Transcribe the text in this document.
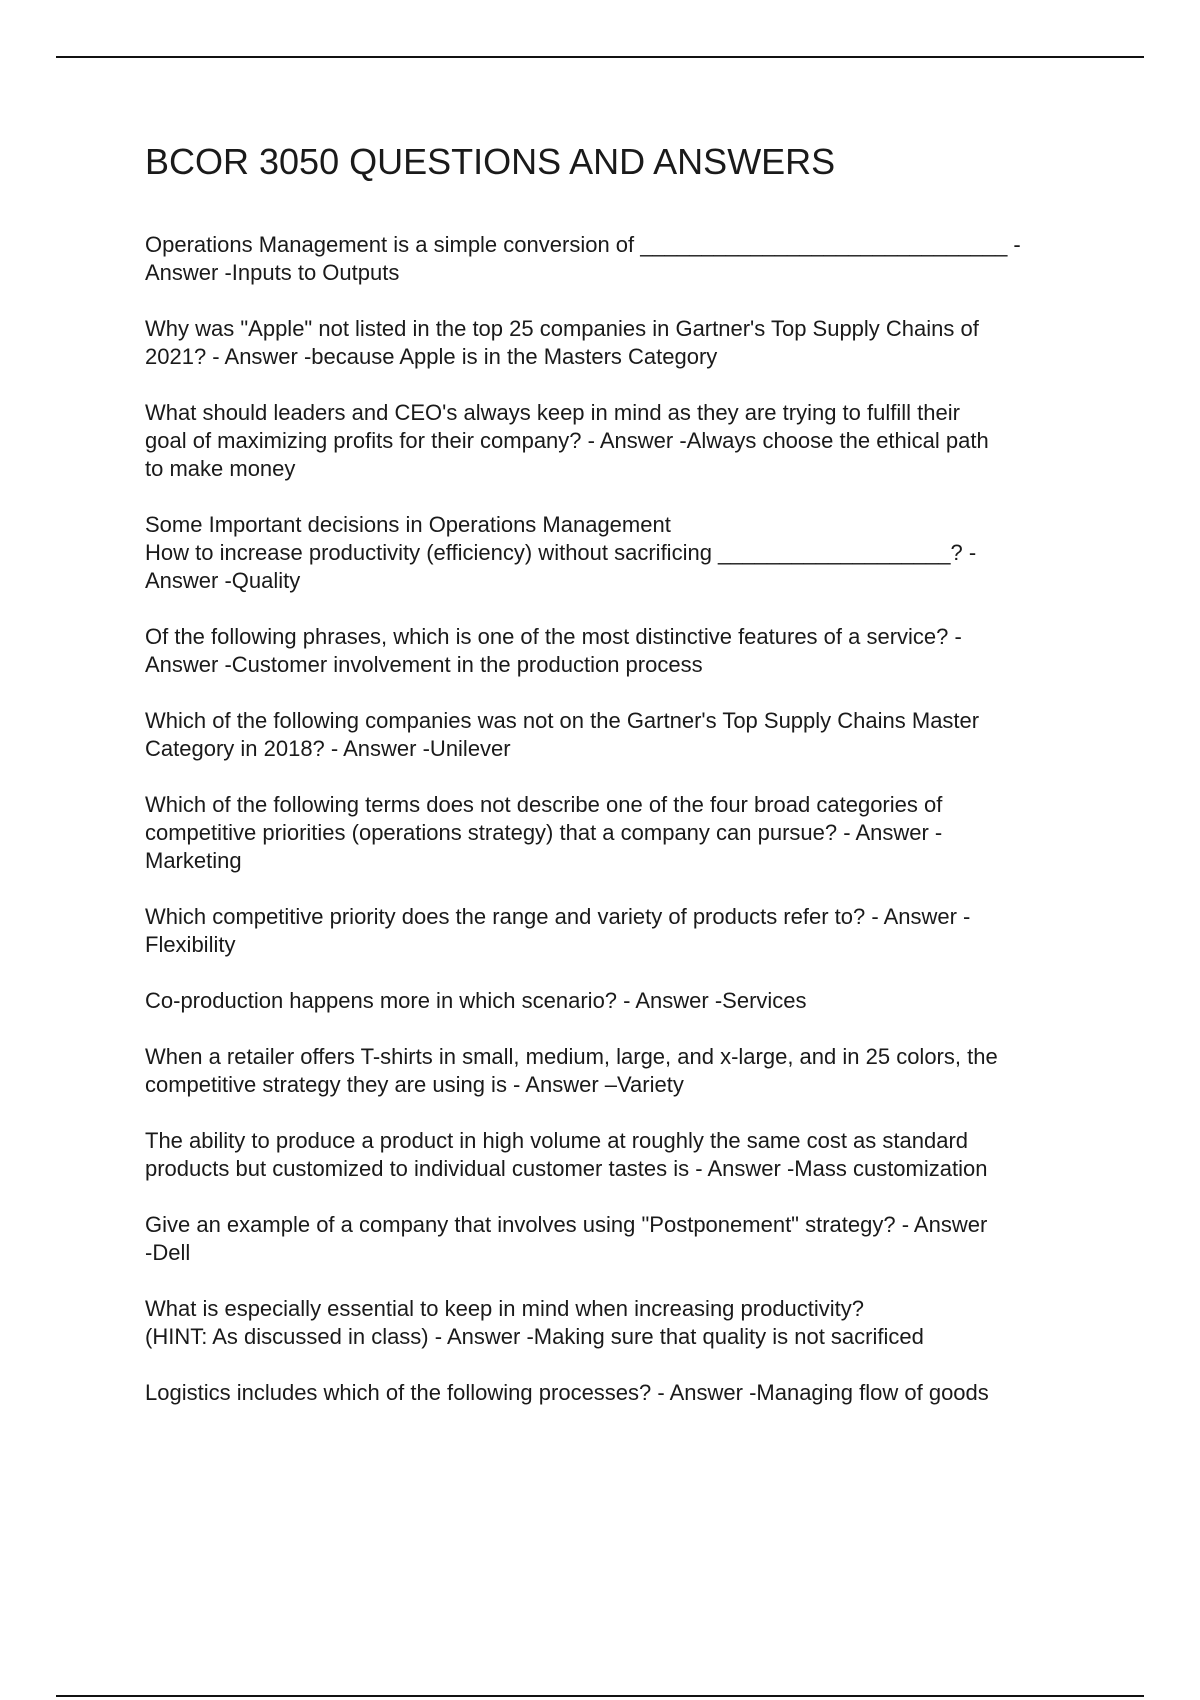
BCOR 3050 QUESTIONS AND ANSWERS
Operations Management is a simple conversion of ______________________________ -
Answer -Inputs to Outputs
Why was "Apple" not listed in the top 25 companies in Gartner's Top Supply Chains of
2021? - Answer -because Apple is in the Masters Category
What should leaders and CEO's always keep in mind as they are trying to fulfill their
goal of maximizing profits for their company? - Answer -Always choose the ethical path
to make money
Some Important decisions in Operations Management
How to increase productivity (efficiency) without sacrificing ___________________? -
Answer -Quality
Of the following phrases, which is one of the most distinctive features of a service? -
Answer -Customer involvement in the production process
Which of the following companies was not on the Gartner's Top Supply Chains Master
Category in 2018? - Answer -Unilever
Which of the following terms does not describe one of the four broad categories of
competitive priorities (operations strategy) that a company can pursue? - Answer -
Marketing
Which competitive priority does the range and variety of products refer to? - Answer -
Flexibility
Co-production happens more in which scenario? - Answer -Services
When a retailer offers T-shirts in small, medium, large, and x-large, and in 25 colors, the
competitive strategy they are using is - Answer –Variety
The ability to produce a product in high volume at roughly the same cost as standard
products but customized to individual customer tastes is - Answer -Mass customization
Give an example of a company that involves using "Postponement" strategy? - Answer
-Dell
What is especially essential to keep in mind when increasing productivity?
(HINT: As discussed in class) - Answer -Making sure that quality is not sacrificed
Logistics includes which of the following processes? - Answer -Managing flow of goods
